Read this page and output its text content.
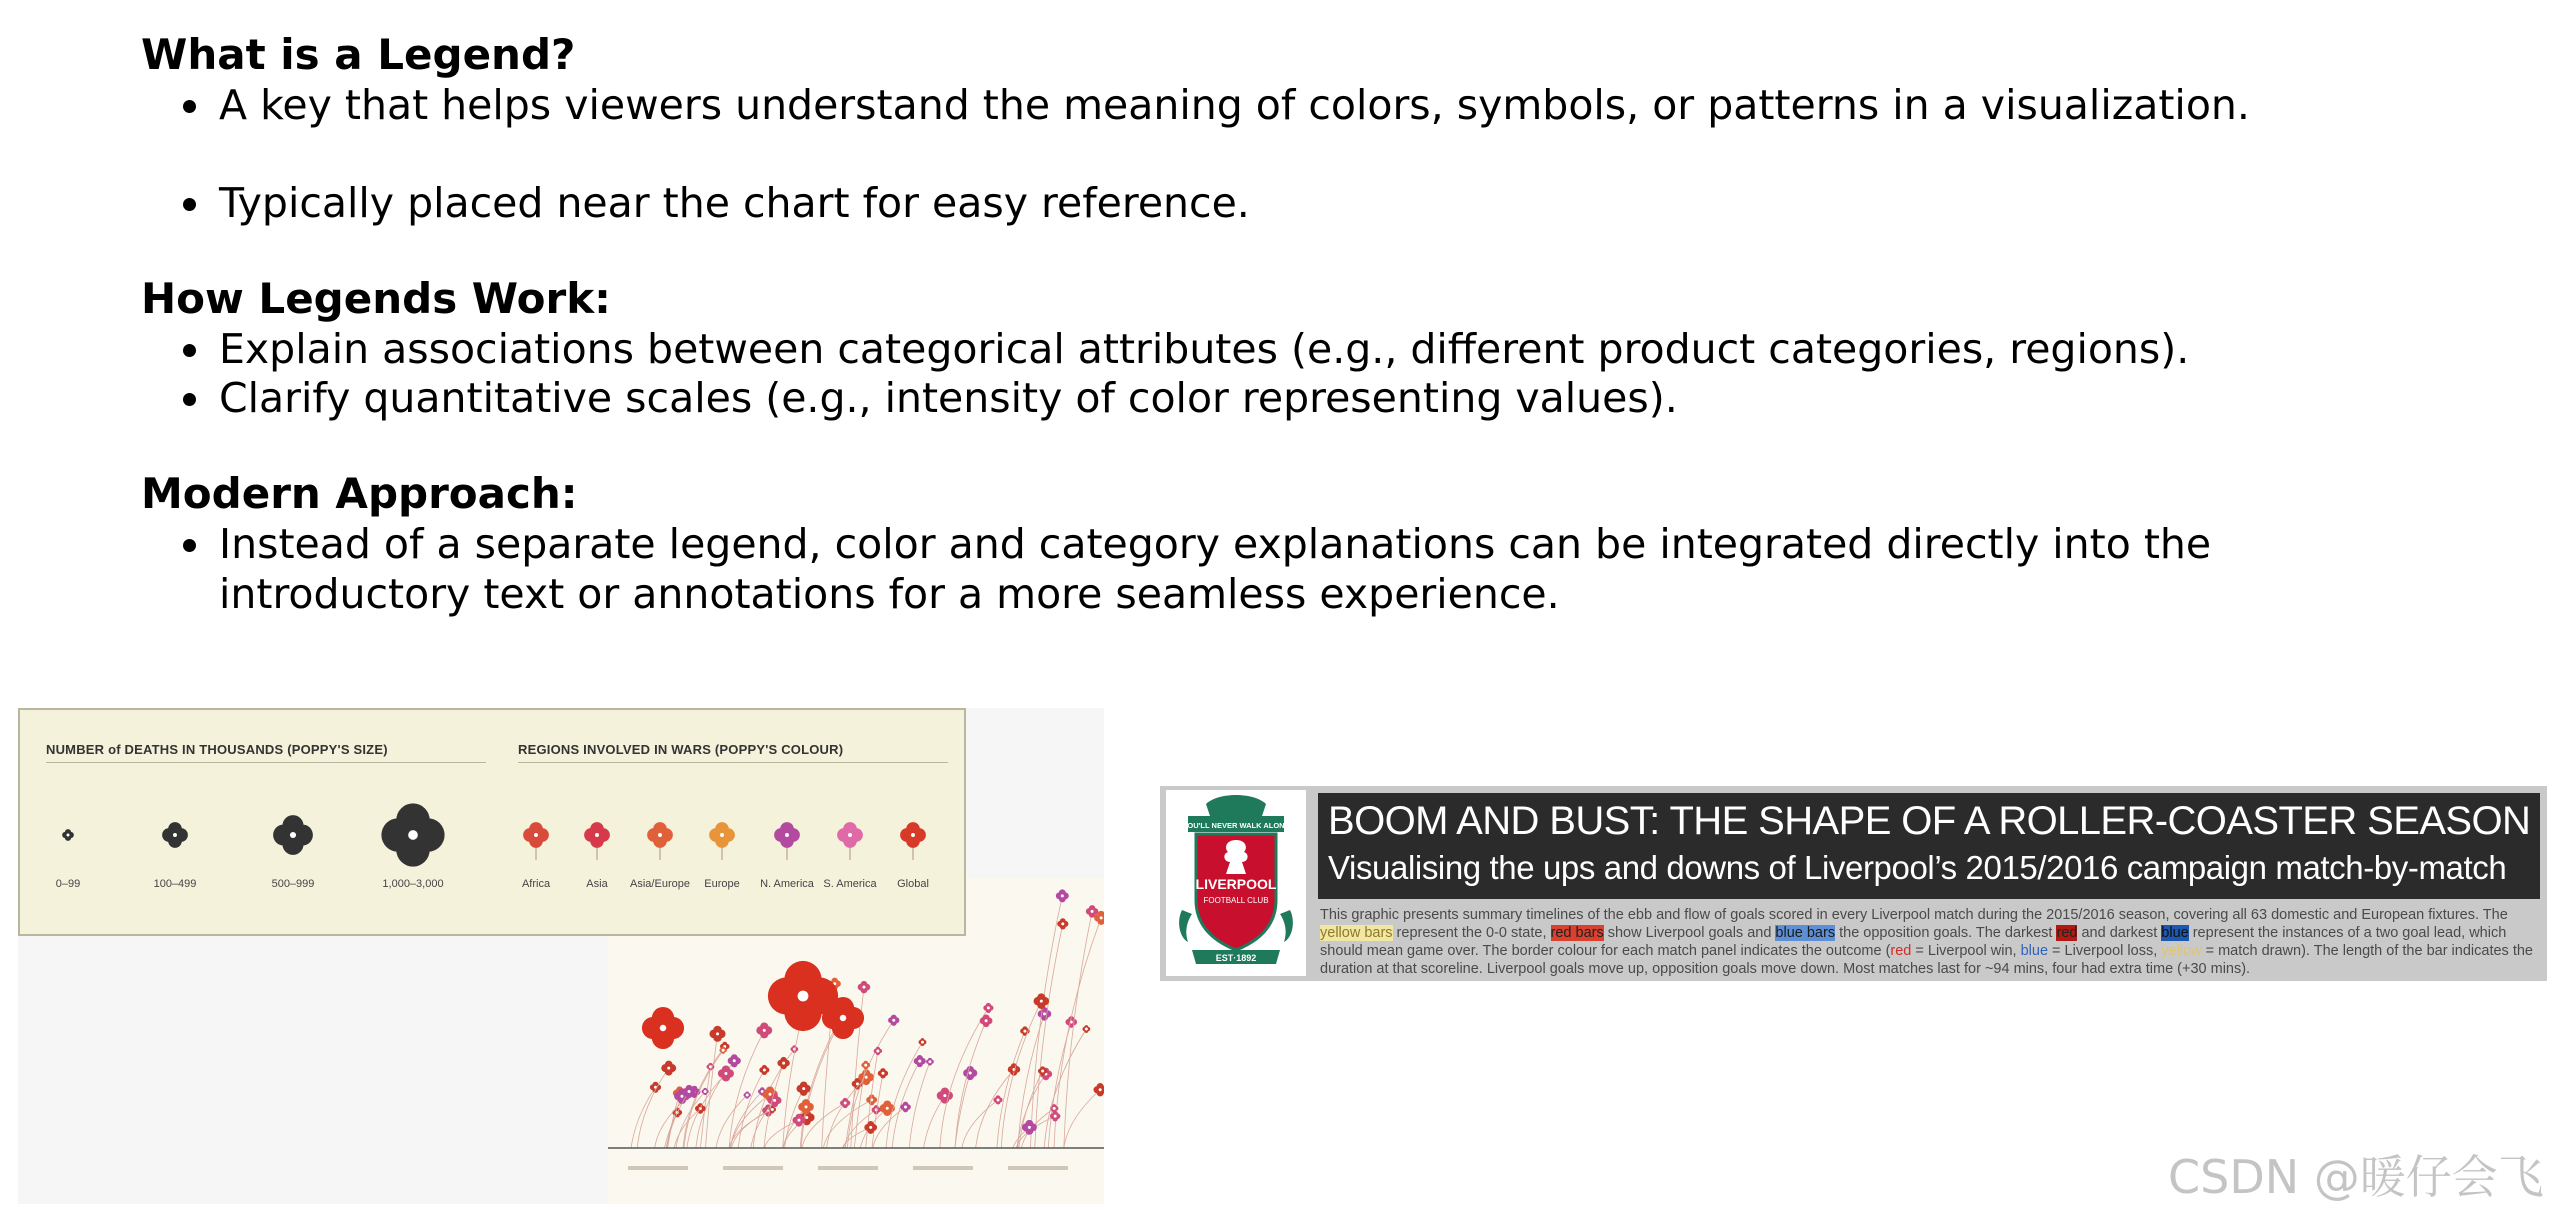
What is a Legend?
A key that helps viewers understand the meaning of colors, symbols, or patterns in a visualization.
Typically placed near the chart for easy reference.
How Legends Work:
Explain associations between categorical attributes (e.g., different product categories, regions).
Clarify quantitative scales (e.g., intensity of color representing values).
Modern Approach:
Instead of a separate legend, color and category explanations can be integrated directly into the introductory text or annotations for a more seamless experience.
NUMBER of DEATHS IN THOUSANDS (POPPY'S SIZE)	REGIONS INVOLVED IN WARS (POPPY'S COLOUR)
0–99	100–499	500–999	1,000–3,000	Africa	Asia	Asia/Europe	Europe	N. America S. America	Global
YOU'LL NEVER WALK ALONE
LIVERPOOL
FOOTBALL CLUB
EST·1892
BOOM AND BUST: THE SHAPE OF A ROLLER-COASTER SEASON
Visualising the ups and downs of Liverpool’s 2015/2016 campaign match-by-match
This graphic presents summary timelines of the ebb and flow of goals scored in every Liverpool match during the 2015/2016 season, covering all 63 domestic and European fixtures. The yellow bars represent the 0-0 state, red bars show Liverpool goals and blue bars the opposition goals. The darkest red and darkest blue represent the instances of a two goal lead, which should mean game over. The border colour for each match panel indicates the outcome (red = Liverpool win, blue = Liverpool loss, yellow = match drawn). The length of the bar indicates the duration at that scoreline. Liverpool goals move up, opposition goals move down. Most matches last for ~94 mins, four had extra time (+30 mins).
CSDN @暖仔会飞
